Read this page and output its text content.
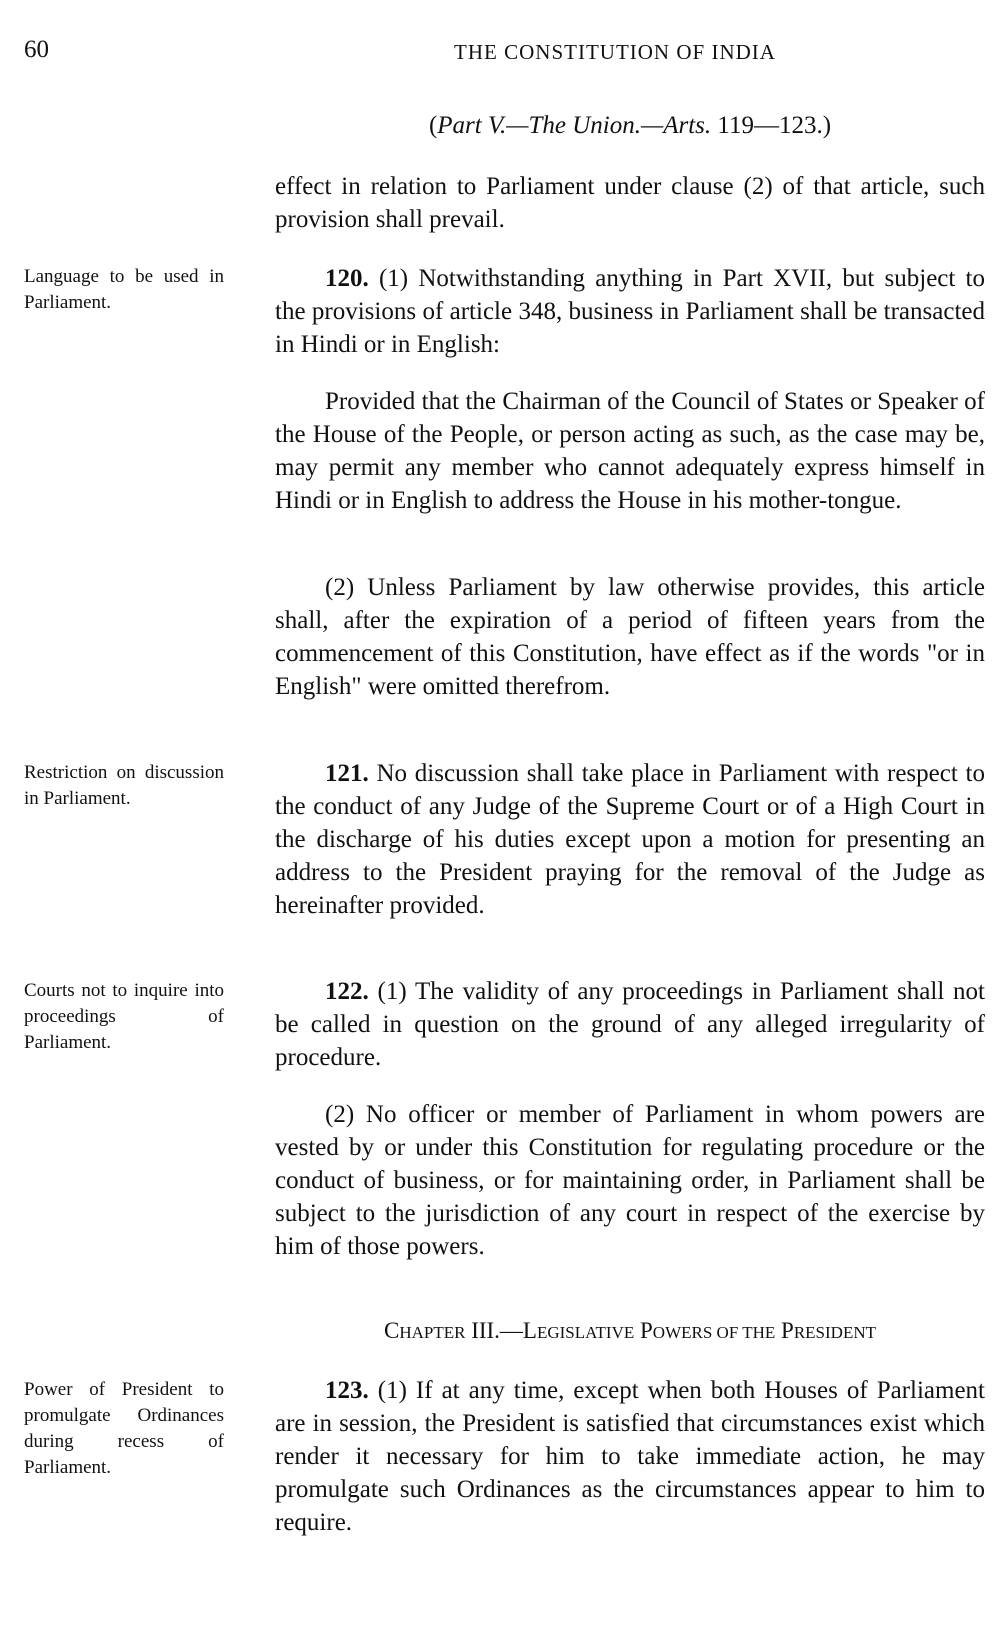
60	THE CONSTITUTION OF INDIA
(Part V.—The Union.—Arts. 119—123.)

effect in relation to Parliament under clause (2) of that article, such provision shall prevail.

Language to be used in Parliament.

120. (1) Notwithstanding anything in Part XVII, but subject to the provisions of article 348, business in Parliament shall be transacted in Hindi or in English:

Provided that the Chairman of the Council of States or Speaker of the House of the People, or person acting as such, as the case may be, may permit any member who cannot adequately express himself in Hindi or in English to address the House in his mother-tongue.

(2) Unless Parliament by law otherwise provides, this article shall, after the expiration of a period of fifteen years from the commencement of this Constitution, have effect as if the words "or in English" were omitted therefrom.

Restriction on discussion in Parliament.

121. No discussion shall take place in Parliament with respect to the conduct of any Judge of the Supreme Court or of a High Court in the discharge of his duties except upon a motion for presenting an address to the President praying for the removal of the Judge as hereinafter provided.

Courts not to inquire into proceedings of Parliament.

122. (1) The validity of any proceedings in Parliament shall not be called in question on the ground of any alleged irregularity of procedure.

(2) No officer or member of Parliament in whom powers are vested by or under this Constitution for regulating procedure or the conduct of business, or for maintaining order, in Parliament shall be subject to the jurisdiction of any court in respect of the exercise by him of those powers.

CHAPTER III.—LEGISLATIVE POWERS OF THE PRESIDENT
Power of President to promulgate Ordinances during recess of Parliament.

123. (1) If at any time, except when both Houses of Parliament are in session, the President is satisfied that circumstances exist which render it necessary for him to take immediate action, he may promulgate such Ordinances as the circumstances appear to him to require.
